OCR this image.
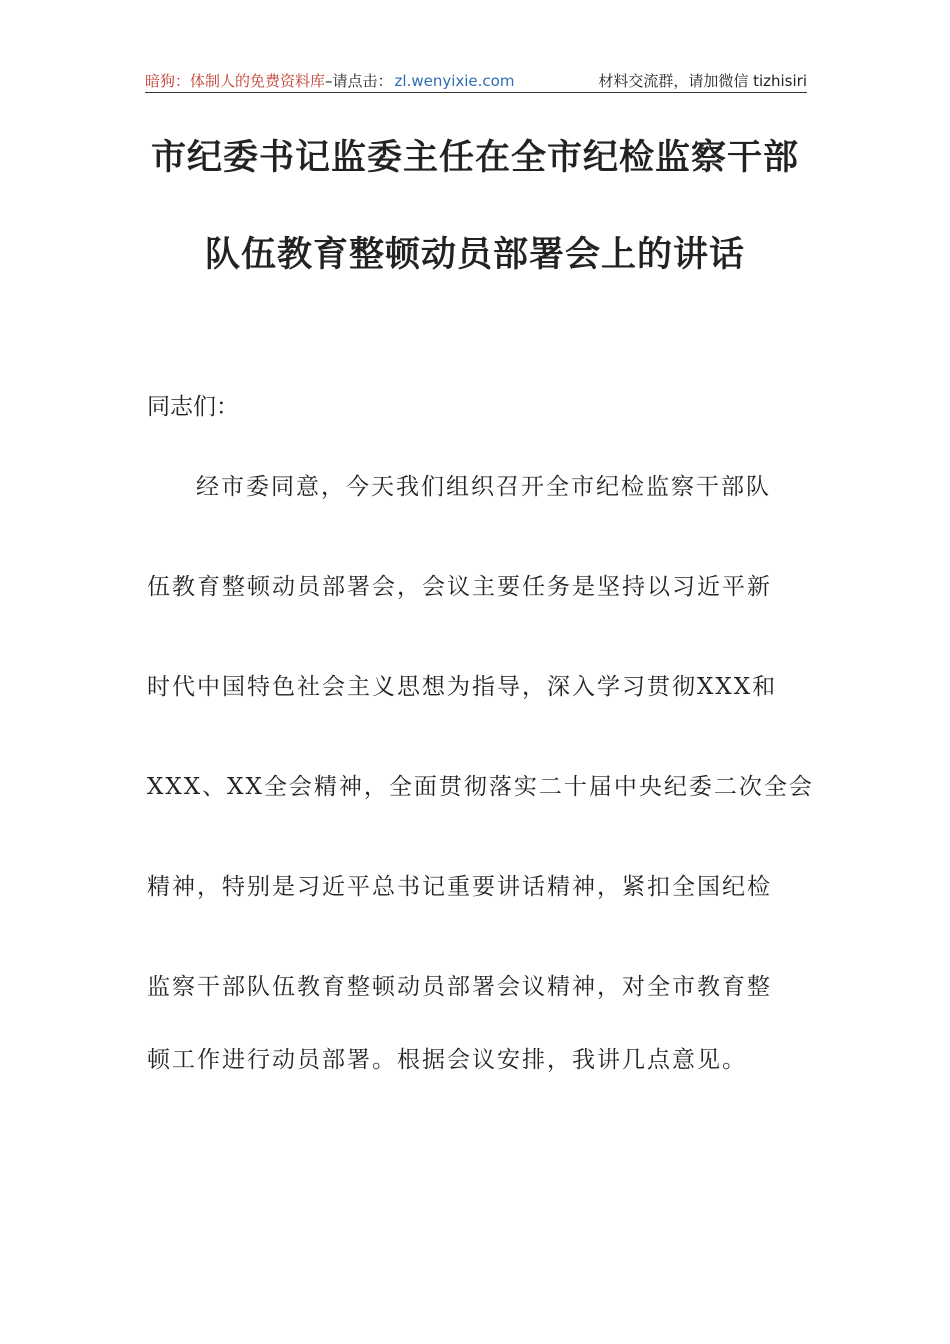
暗狗：体制人的免费资料库–请点击： zl.wenyixie.com	材料交流群，请加微信 tizhisiri
市纪委书记监委主任在全市纪检监察干部
队伍教育整顿动员部署会上的讲话
同志们：
经市委同意，今天我们组织召开全市纪检监察干部队
伍教育整顿动员部署会，会议主要任务是坚持以习近平新
时代中国特色社会主义思想为指导，深入学习贯彻XXX和
XXX、XX全会精神，全面贯彻落实二十届中央纪委二次全会
精神，特别是习近平总书记重要讲话精神，紧扣全国纪检
监察干部队伍教育整顿动员部署会议精神，对全市教育整
顿工作进行动员部署。根据会议安排，我讲几点意见。
